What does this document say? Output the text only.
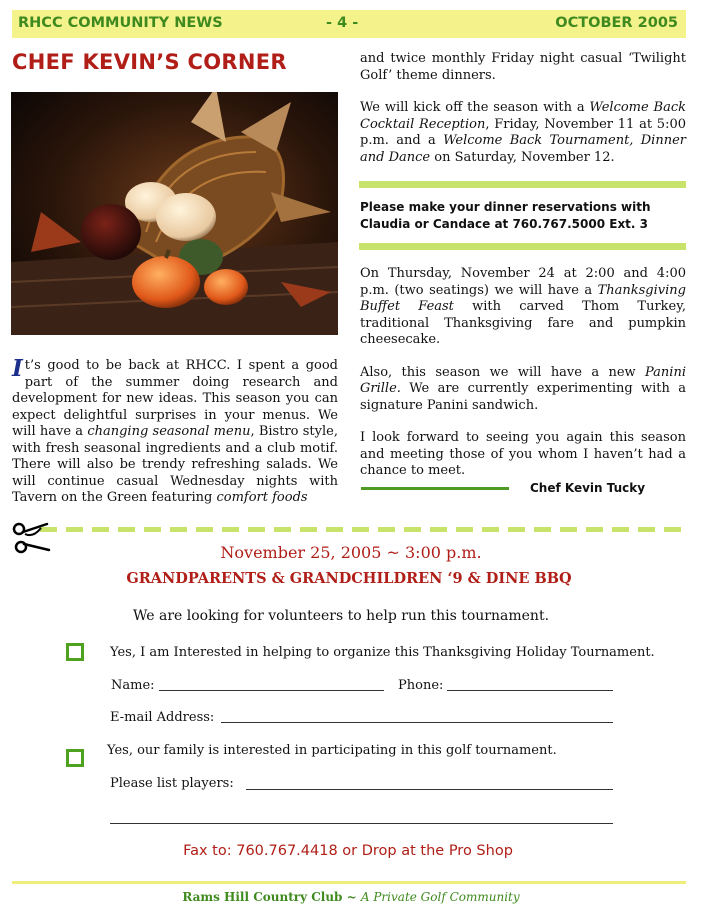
RHCC COMMUNITY NEWS	- 4 -	OCTOBER 2005
CHEF KEVIN’S CORNER

It’s good to be back at RHCC. I spent a good part of the summer doing research and development for new ideas. This season you can expect delightful surprises in your menus. We will have a changing seasonal menu, Bistro style, with fresh seasonal ingredients and a club motif. There will also be trendy refreshing salads. We will continue casual Wednesday nights with Tavern on the Green featuring comfort foods

and twice monthly Friday night casual ‘Twilight Golf’ theme dinners.

We will kick off the season with a Welcome Back Cocktail Reception, Friday, November 11 at 5:00 p.m. and a Welcome Back Tournament, Dinner and Dance on Saturday, November 12.

Please make your dinner reservations with Claudia or Candace at 760.767.5000 Ext. 3

On Thursday, November 24 at 2:00 and 4:00 p.m. (two seatings) we will have a Thanksgiving Buffet Feast with carved Thom Turkey, traditional Thanksgiving fare and pumpkin cheesecake.

Also, this season we will have a new Panini Grille. We are currently experimenting with a signature Panini sandwich.

I look forward to seeing you again this season and meeting those of you whom I haven’t had a chance to meet.

Chef Kevin Tucky
November 25, 2005 ~ 3:00 p.m.
GRANDPARENTS & GRANDCHILDREN ‘9 & DINE BBQ
We are looking for volunteers to help run this tournament.
Yes, I am Interested in helping to organize this Thanksgiving Holiday Tournament.
Name:	Phone:
E-mail Address:
Yes, our family is interested in participating in this golf tournament.
Please list players:
Fax to: 760.767.4418 or Drop at the Pro Shop
Rams Hill Country Club ~ A Private Golf Community
